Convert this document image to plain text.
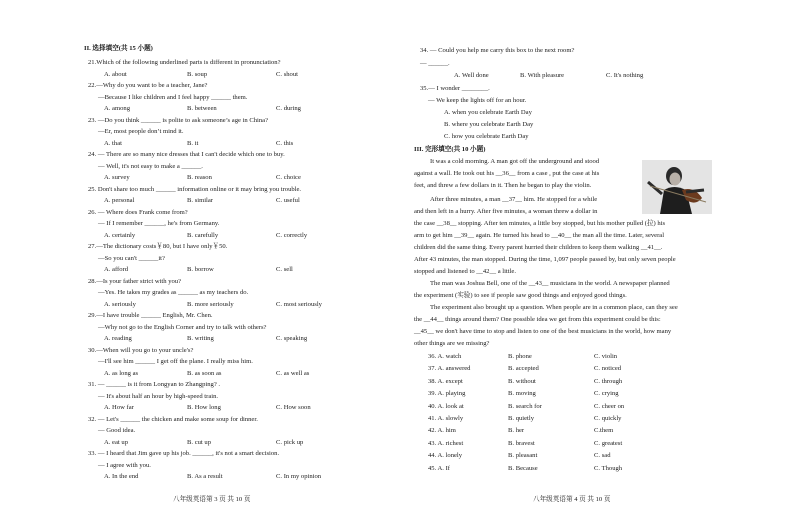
II. 选择填空(共 15 小题)
21.Which of the following underlined parts is different in pronunciation?
A. about	B. soup	C. shout
22.—Why do you want to be a teacher, Jane?
—Because I like children and I feel happy ______ them.
A. among	B. between	C. during
23. —Do you think ______ is polite to ask someone’s age in China?
—Er, most people don’t mind it.
A. that	B. it	C. this
24. — There are so many nice dresses that I can't decide which one to buy.
— Well, it's not easy to make a ______.
A. survey	B. reason	C. choice
25. Don't share too much ______ information online or it may bring you trouble.
A. personal	B. similar	C. useful
26. — Where does Frank come from?
— If I remember ______, he's from Germany.
A. certainly	B. carefully	C. correctly
27.—The dictionary costs￥80, but I have only￥50.
—So you can't ______it?
A. afford	B. borrow	C. sell
28.—Is your father strict with you?
—Yes. He takes my grades as ______ as my teachers do.
A. seriously	B. more seriously	C. most seriously
29.—I have trouble ______ English, Mr. Chen.
—Why not go to the English Corner and try to talk with others?
A. reading	B. writing	C. speaking
30.—When will you go to your uncle's?
—I'll see him ______ I get off the plane. I really miss him.
A. as long as	B. as soon as	C. as well as
31. — ______ is it from Longyan to Zhangping? .
— It's about half an hour by high-speed train.
A. How far	B. How long	C. How soon
32. — Let's ______ the chicken and make some soup for dinner.
— Good idea.
A. eat up	B. cut up	C. pick up
33. — I heard that Jim gave up his job. ______, it's not a smart decision.
— I agree with you.
A. In the end	B. As a result	C. In my opinion
34. — Could you help me carry this box to the next room?
— ______.
A. Well done	B. With pleasure	C. It's nothing
35.— I wonder ________.
— We keep the lights off for an hour.
A. when you celebrate Earth Day
B. where you celebrate Earth Day
C. how you celebrate Earth Day
III. 完形填空(共 10 小题)
It was a cold morning. A man got off the underground and stood
against a wall. He took out his __36__ from a case , put the case at his
feet, and threw a few dollars in it. Then he began to play the violin.
After three minutes, a man __37__ him. He stopped for a while
and then left in a hurry. After five minutes, a woman threw a dollar in
the case __38__ stopping. After ten minutes, a little boy stopped, but his mother pulled (拉) his
arm to get him __39__ again. He turned his head to __40__ the man all the time. Later, several
children did the same thing. Every parent hurried their children to keep them walking __41__.
After 43 minutes, the man stopped. During the time, 1,097 people passed by, but only seven people
stopped and listened to __42__ a little.
The man was Joshua Bell, one of the __43__ musicians in the world. A newspaper planned
the experiment (实验) to see if people saw good things and enjoyed good things.
The experiment also brought up a question. When people are in a common place, can they see
the __44__ things around them? One possible idea we get from this experiment could be this:
__45__ we don't have time to stop and listen to one of the best musicians in the world, how many
other things are we missing?
36. A. watch	B. phone	C. violin
37. A. answered	B. accepted	C. noticed
38. A. except	B. without	C. through
39. A. playing	B. moving	C. crying
40. A. look at	B. search for	C. cheer on
41. A. slowly	B. quietly	C. quickly
42. A. him	B. her	C.them
43. A. richest	B. bravest	C. greatest
44. A. lonely	B. pleasant	C. sad
45. A. If	B. Because	C. Though
八年级英语第 3 页 共 10 页	八年级英语第 4 页 共 10 页
